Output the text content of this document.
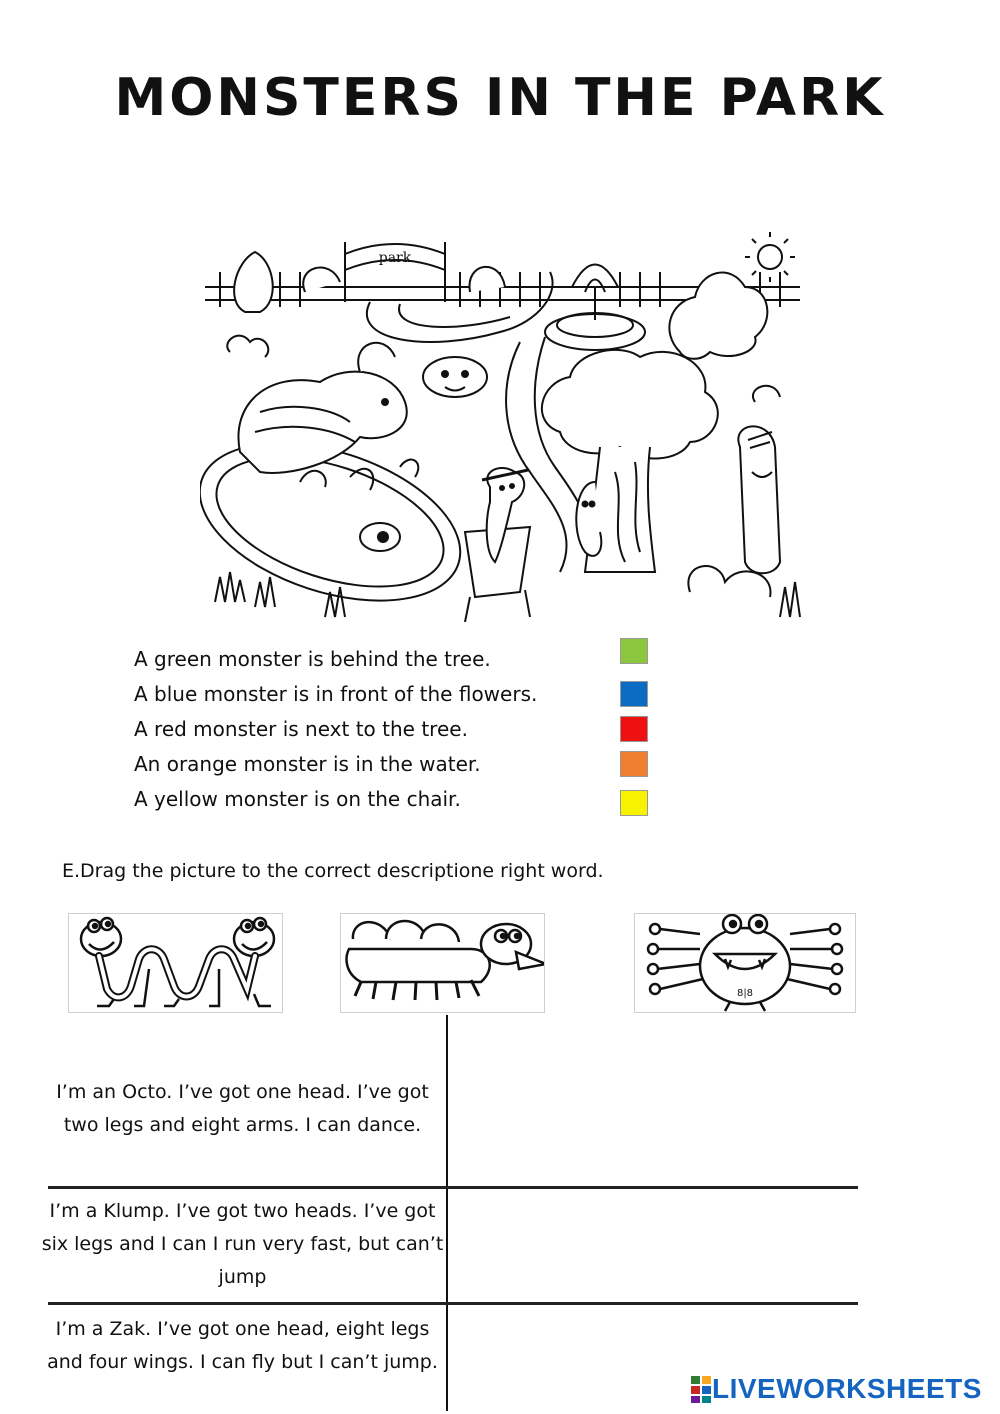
MONSTERS IN THE PARK
park
A green monster is behind the tree.
A blue monster is in front of the flowers.
A red monster is next to the tree.
An orange monster is in the water.
A yellow monster is on the chair.
E.Drag the picture to the correct descriptione right word.
8|8
I’m an Octo. I’ve got one head. I’ve got two legs and eight arms. I can dance.
I’m a Klump. I’ve got two heads. I’ve got six legs and I can I run very fast, but can’t jump
I’m a Zak. I’ve got one head, eight legs and four wings. I can fly but I can’t jump.
LIVEWORKSHEETS
